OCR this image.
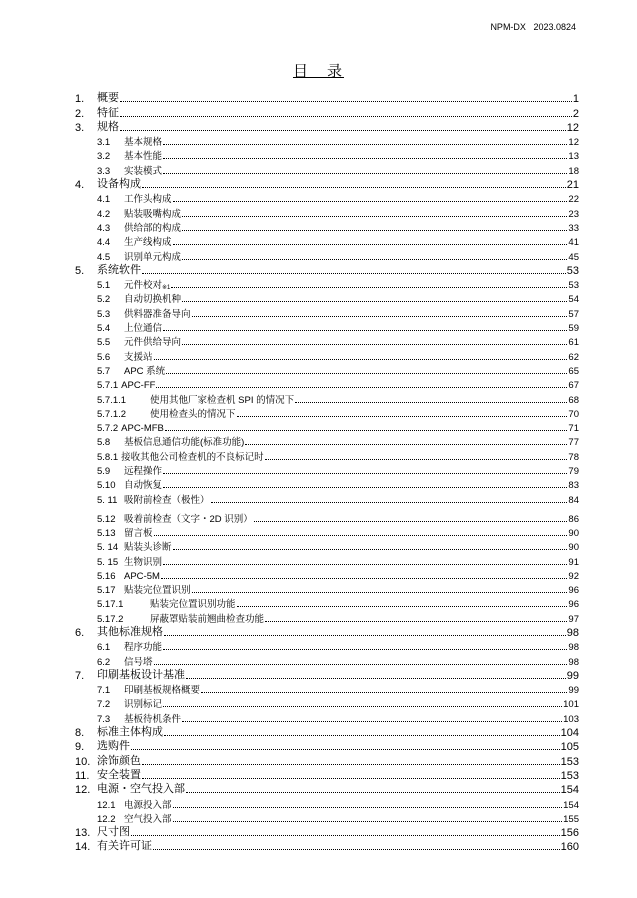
NPM-DX 2023.0824
目　录
1.	概要	1
2.	特征	2
3.	规格	12
3.1	基本规格	12
3.2	基本性能	13
3.3	实装模式	18
4.	设备构成	21
4.1	工作头构成	22
4.2	贴装吸嘴构成	23
4.3	供给部的构成	33
4.4	生产线构成	41
4.5	识别单元构成	45
5.	系统软件	53
5.1	元件校对$_{※1}$	53
5.2	自动切换机种	54
5.3	供料器准备导向	57
5.4	上位通信	59
5.5	元件供给导向	61
5.6	支援站	62
5.7	APC 系统	65
5.7.1 APC-FF	67
5.7.1.1	使用其他厂家检查机 SPI 的情况下	68
5.7.1.2	使用检查头的情况下	70
5.7.2 APC-MFB	71
5.8	基板信息通信功能(标准功能)	77
5.8.1 接收其他公司检查机的不良标记时	78
5.9	远程操作	79
5.10 自动恢复	83
5. 11 吸附前检查（极性）	84
5.12 吸着前检查（文字・2D 识别）	86
5.13 留言板	90
5. 14 贴装头诊断	90
5. 15 生物识别	91
5.16 APC-5M	92
5.17 贴装完位置识别	96
5.17.1	贴装完位置识别功能	96
5.17.2	屏蔽罩贴装前翘曲检查功能	97
6.	其他标准规格	98
6.1	程序功能	98
6.2	信号塔	98
7.	印刷基板设计基准	99
7.1	印刷基板规格概要	99
7.2	识别标记	101
7.3	基板待机条件	103
8.	标准主体构成	104
9.	选购件	105
10. 涂饰颜色	153
11. 安全装置	153
12. 电源・空气投入部	154
12.1 电源投入部	154
12.2 空气投入部	155
13. 尺寸图	156
14. 有关许可证	160
